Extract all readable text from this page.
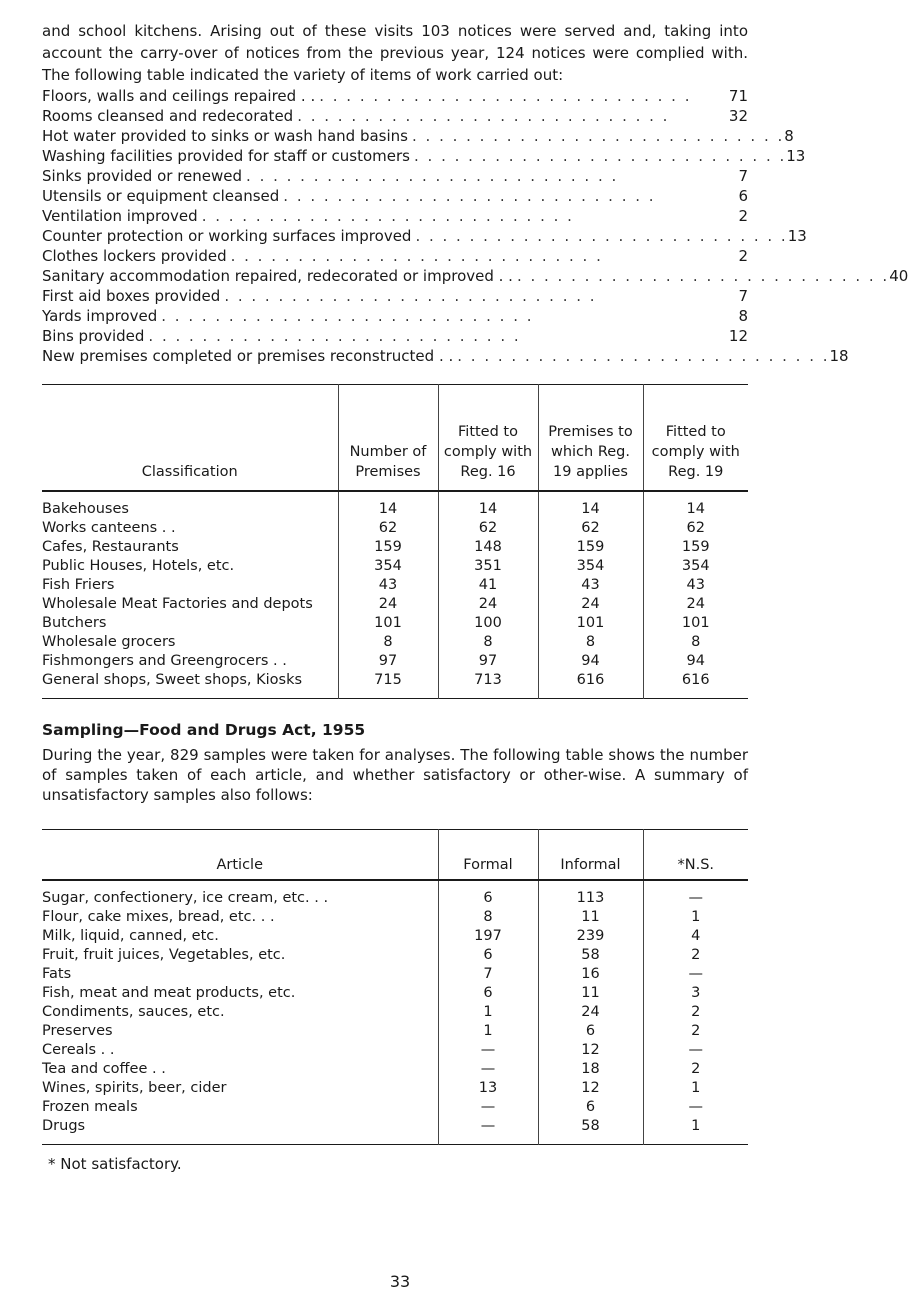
and school kitchens. Arising out of these visits 103 notices were served and, taking into account the carry-over of notices from the previous year, 124 notices were complied with. The following table indicated the variety of items of work carried out:

Floors, walls and ceilings repaired . . . . . . . . . . . . . . . . . . . . . . . . . . . . . .	71
Rooms cleansed and redecorated . . . . . . . . . . . . . . . . . . . . . . . . . . . .	32
Hot water provided to sinks or wash hand basins . . . . . . . . . . . . . . . . . . . . . . . . . . . . 8
Washing facilities provided for staff or customers . . . . . . . . . . . . . . . . . . . . . . . . . . . . 13
Sinks provided or renewed . . . . . . . . . . . . . . . . . . . . . . . . . . . .	7
Utensils or equipment cleansed . . . . . . . . . . . . . . . . . . . . . . . . . . . .	6
Ventilation improved . . . . . . . . . . . . . . . . . . . . . . . . . . . .	2
Counter protection or working surfaces improved . . . . . . . . . . . . . . . . . . . . . . . . . . . . 13
Clothes lockers provided . . . . . . . . . . . . . . . . . . . . . . . . . . . .	2
Sanitary accommodation repaired, redecorated or improved . . . . . . . . . . . . . . . . . . . . . . . . . . . . . . 40
First aid boxes provided . . . . . . . . . . . . . . . . . . . . . . . . . . . .	7
Yards improved . . . . . . . . . . . . . . . . . . . . . . . . . . . .	8
Bins provided . . . . . . . . . . . . . . . . . . . . . . . . . . . .	12
New premises completed or premises reconstructed . . . . . . . . . . . . . . . . . . . . . . . . . . . . . . 18
Classification	Number of Premises	Fitted to comply with Reg. 16	Premises to which Reg. 19 applies	Fitted to comply with Reg. 19

Bakehouses	14	14	14	14
Works canteens . .	62	62	62	62
Cafes, Restaurants	159	148	159	159
Public Houses, Hotels, etc.	354	351	354	354
Fish Friers	43	41	43	43
Wholesale Meat Factories and depots	24	24	24	24
Butchers	101	100	101	101
Wholesale grocers	8	8	8	8
Fishmongers and Greengrocers . .	97	97	94	94
General shops, Sweet shops, Kiosks	715	713	616	616

Sampling—Food and Drugs Act, 1955

During the year, 829 samples were taken for analyses. The following table shows the number of samples taken of each article, and whether satisfactory or other-wise. A summary of unsatisfactory samples also follows:

Article	Formal	Informal	*N.S.

Sugar, confectionery, ice cream, etc. . .	6	113	—
Flour, cake mixes, bread, etc. . .	8	11	1
Milk, liquid, canned, etc.	197	239	4
Fruit, fruit juices, Vegetables, etc.	6	58	2
Fats	7	16	—
Fish, meat and meat products, etc.	6	11	3
Condiments, sauces, etc.	1	24	2
Preserves	1	6	2
Cereals . .	—	12	—
Tea and coffee . .	—	18	2
Wines, spirits, beer, cider	13	12	1
Frozen meals	—	6	—
Drugs	—	58	1

* Not satisfactory.
33
